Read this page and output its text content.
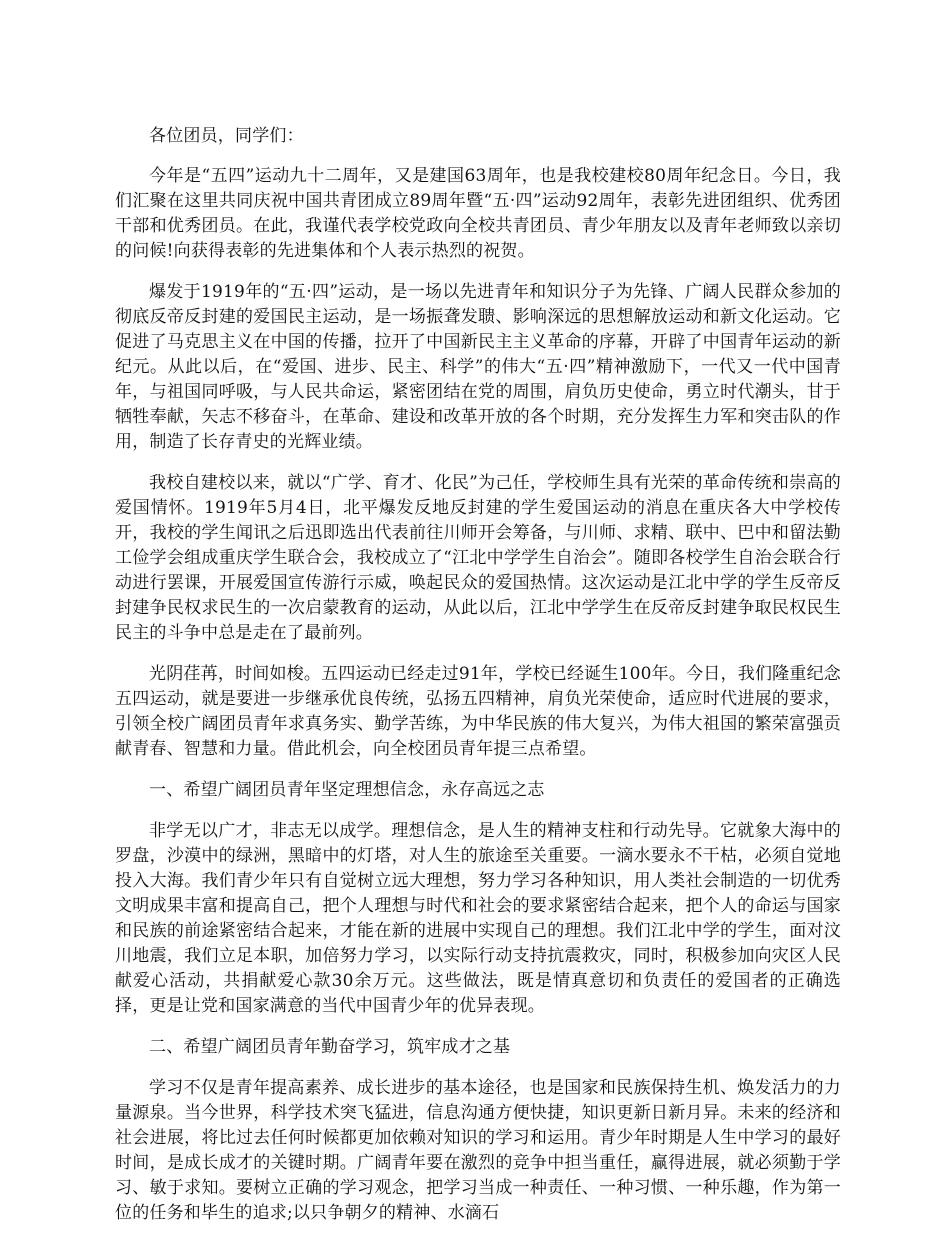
各位团员，同学们：

今年是“五四”运动九十二周年，又是建国63周年，也是我校建校80周年纪念日。今日，我们汇聚在这里共同庆祝中国共青团成立89周年暨“五·四”运动92周年，表彰先进团组织、优秀团干部和优秀团员。在此，我谨代表学校党政向全校共青团员、青少年朋友以及青年老师致以亲切的问候!向获得表彰的先进集体和个人表示热烈的祝贺。

爆发于1919年的“五·四”运动，是一场以先进青年和知识分子为先锋、广阔人民群众参加的彻底反帝反封建的爱国民主运动，是一场振聋发聩、影响深远的思想解放运动和新文化运动。它促进了马克思主义在中国的传播，拉开了中国新民主主义革命的序幕，开辟了中国青年运动的新纪元。从此以后，在“爱国、进步、民主、科学”的伟大“五·四”精神激励下，一代又一代中国青年，与祖国同呼吸，与人民共命运，紧密团结在党的周围，肩负历史使命，勇立时代潮头，甘于牺牲奉献，矢志不移奋斗，在革命、建设和改革开放的各个时期，充分发挥生力军和突击队的作用，制造了长存青史的光辉业绩。

我校自建校以来，就以“广学、育才、化民”为己任，学校师生具有光荣的革命传统和崇高的爱国情怀。1919年5月4日，北平爆发反地反封建的学生爱国运动的消息在重庆各大中学校传开，我校的学生闻讯之后迅即选出代表前往川师开会筹备，与川师、求精、联中、巴中和留法勤工俭学会组成重庆学生联合会，我校成立了“江北中学学生自治会”。随即各校学生自治会联合行动进行罢课，开展爱国宣传游行示威，唤起民众的爱国热情。这次运动是江北中学的学生反帝反封建争民权求民生的一次启蒙教育的运动，从此以后，江北中学学生在反帝反封建争取民权民生民主的斗争中总是走在了最前列。

光阴荏苒，时间如梭。五四运动已经走过91年，学校已经诞生100年。今日，我们隆重纪念五四运动，就是要进一步继承优良传统，弘扬五四精神，肩负光荣使命，适应时代进展的要求，引领全校广阔团员青年求真务实、勤学苦练，为中华民族的伟大复兴，为伟大祖国的繁荣富强贡献青春、智慧和力量。借此机会，向全校团员青年提三点希望。

一、希望广阔团员青年坚定理想信念，永存高远之志

非学无以广才，非志无以成学。理想信念，是人生的精神支柱和行动先导。它就象大海中的罗盘，沙漠中的绿洲，黑暗中的灯塔，对人生的旅途至关重要。一滴水要永不干枯，必须自觉地投入大海。我们青少年只有自觉树立远大理想，努力学习各种知识，用人类社会制造的一切优秀文明成果丰富和提高自己，把个人理想与时代和社会的要求紧密结合起来，把个人的命运与国家和民族的前途紧密结合起来，才能在新的进展中实现自己的理想。我们江北中学的学生，面对汶川地震，我们立足本职，加倍努力学习，以实际行动支持抗震救灾，同时，积极参加向灾区人民献爱心活动，共捐献爱心款30余万元。这些做法，既是情真意切和负责任的爱国者的正确选择，更是让党和国家满意的当代中国青少年的优异表现。

二、希望广阔团员青年勤奋学习，筑牢成才之基

学习不仅是青年提高素养、成长进步的基本途径，也是国家和民族保持生机、焕发活力的力量源泉。当今世界，科学技术突飞猛进，信息沟通方便快捷，知识更新日新月异。未来的经济和社会进展，将比过去任何时候都更加依赖对知识的学习和运用。青少年时期是人生中学习的最好时间，是成长成才的关键时期。广阔青年要在激烈的竞争中担当重任，赢得进展，就必须勤于学习、敏于求知。要树立正确的学习观念，把学习当成一种责任、一种习惯、一种乐趣，作为第一位的任务和毕生的追求;以只争朝夕的精神、水滴石
